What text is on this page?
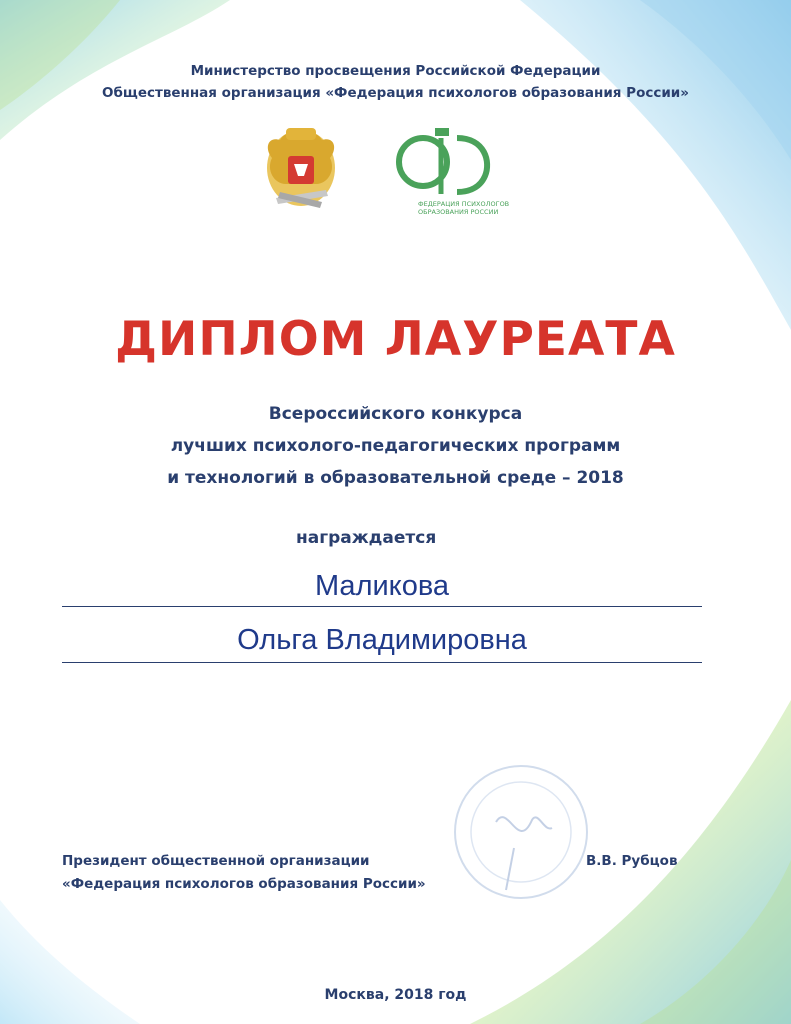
Министерство просвещения Российской Федерации
Общественная организация «Федерация психологов образования России»
ФЕДЕРАЦИЯ ПСИХОЛОГОВ
ОБРАЗОВАНИЯ РОССИИ
ДИПЛОМ ЛАУРЕАТА
Всероссийского конкурса
лучших психолого-педагогических программ
и технологий в образовательной среде – 2018
награждается
Маликова
Ольга Владимировна
Президент общественной организации
«Федерация психологов образования России»
В.В. Рубцов
Москва, 2018 год
